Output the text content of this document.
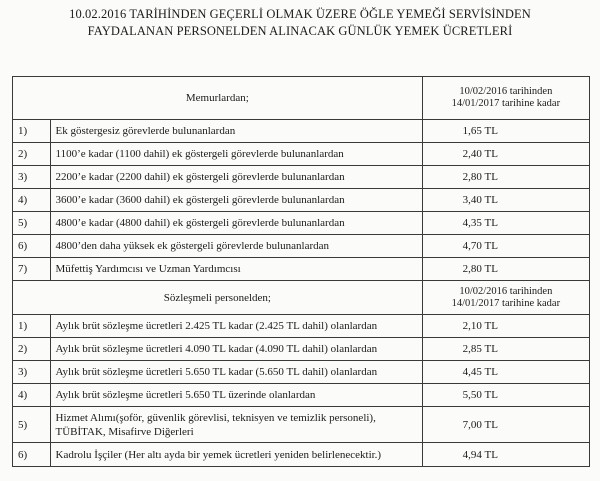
10.02.2016 TARİHİNDEN GEÇERLİ OLMAK ÜZERE ÖĞLE YEMEĞİ SERVİSİNDEN
FAYDALANAN PERSONELDEN ALINACAK GÜNLÜK YEMEK ÜCRETLERİ
Memurlardan;		10/02/2016 tarihinden
14/01/2017 tarihine kadar

1)	Ek göstergesiz görevlerde bulunanlardan	1,65 TL
2)	1100’e kadar (1100 dahil) ek göstergeli görevlerde bulunanlardan	2,40 TL
3)	2200’e kadar (2200 dahil) ek göstergeli görevlerde bulunanlardan	2,80 TL
4)	3600’e kadar (3600 dahil) ek göstergeli görevlerde bulunanlardan	3,40 TL
5)	4800’e kadar (4800 dahil) ek göstergeli görevlerde bulunanlardan	4,35 TL
6)	4800’den daha yüksek ek göstergeli görevlerde bulunanlardan	4,70 TL
7)	Müfettiş Yardımcısı ve Uzman Yardımcısı	2,80 TL
Sözleşmeli personelden;		10/02/2016 tarihinden
14/01/2017 tarihine kadar

1)	Aylık brüt sözleşme ücretleri 2.425 TL kadar (2.425 TL dahil) olanlardan	2,10 TL
2)	Aylık brüt sözleşme ücretleri 4.090 TL kadar (4.090 TL dahil) olanlardan	2,85 TL
3)	Aylık brüt sözleşme ücretleri 5.650 TL kadar (5.650 TL dahil) olanlardan	4,45 TL
4)	Aylık brüt sözleşme ücretleri 5.650 TL üzerinde olanlardan	5,50 TL
5)	Hizmet Alımı(şoför, güvenlik görevlisi, teknisyen ve temizlik personeli),
TÜBİTAK, Misafirve Diğerleri	7,00 TL
6)	Kadrolu İşçiler (Her altı ayda bir yemek ücretleri yeniden belirlenecektir.)	4,94 TL
